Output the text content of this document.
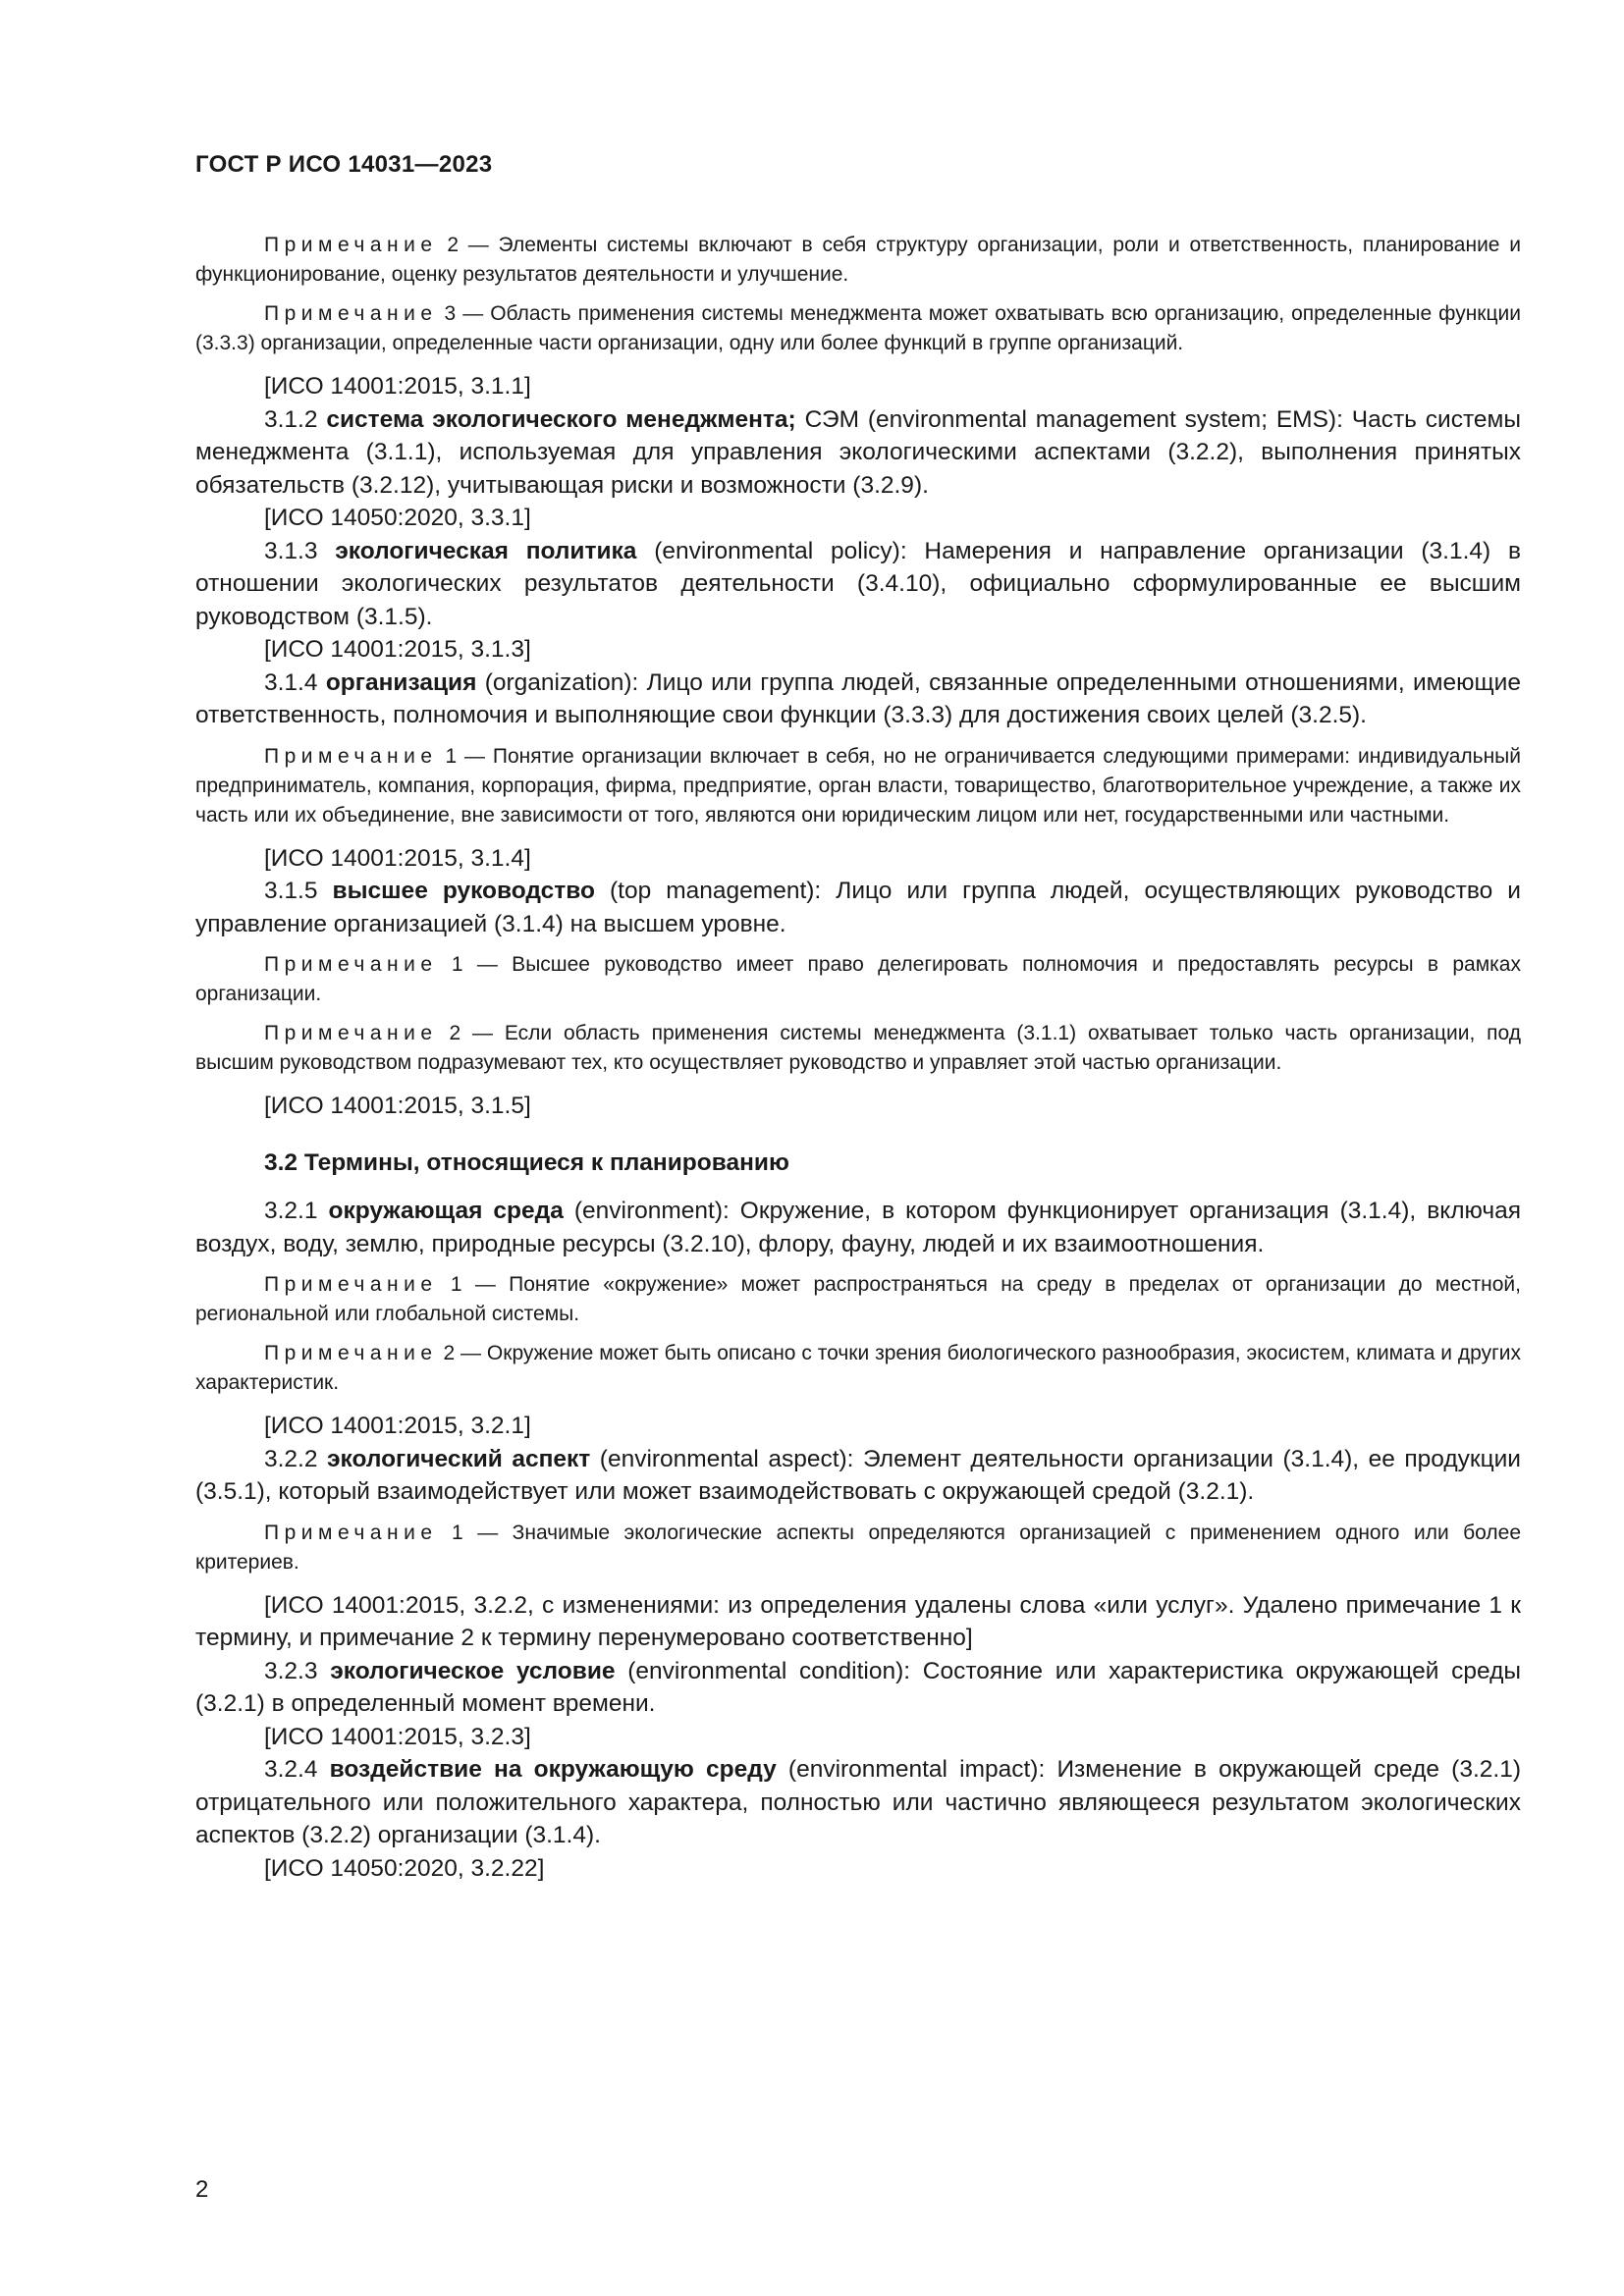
ГОСТ Р ИСО 14031—2023

Примечание 2 — Элементы системы включают в себя структуру организации, роли и ответственность, планирование и функционирование, оценку результатов деятельности и улучшение.

Примечание 3 — Область применения системы менеджмента может охватывать всю организацию, определенные функции (3.3.3) организации, определенные части организации, одну или более функций в группе организаций.

[ИСО 14001:2015, 3.1.1]

3.1.2 система экологического менеджмента; СЭМ (environmental management system; EMS): Часть системы менеджмента (3.1.1), используемая для управления экологическими аспектами (3.2.2), выполнения принятых обязательств (3.2.12), учитывающая риски и возможности (3.2.9).

[ИСО 14050:2020, 3.3.1]

3.1.3 экологическая политика (environmental policy): Намерения и направление организации (3.1.4) в отношении экологических результатов деятельности (3.4.10), официально сформулированные ее высшим руководством (3.1.5).

[ИСО 14001:2015, 3.1.3]

3.1.4 организация (organization): Лицо или группа людей, связанные определенными отношениями, имеющие ответственность, полномочия и выполняющие свои функции (3.3.3) для достижения своих целей (3.2.5).

Примечание 1 — Понятие организации включает в себя, но не ограничивается следующими примерами: индивидуальный предприниматель, компания, корпорация, фирма, предприятие, орган власти, товарищество, благотворительное учреждение, а также их часть или их объединение, вне зависимости от того, являются они юридическим лицом или нет, государственными или частными.

[ИСО 14001:2015, 3.1.4]

3.1.5 высшее руководство (top management): Лицо или группа людей, осуществляющих руководство и управление организацией (3.1.4) на высшем уровне.

Примечание 1 — Высшее руководство имеет право делегировать полномочия и предоставлять ресурсы в рамках организации.

Примечание 2 — Если область применения системы менеджмента (3.1.1) охватывает только часть организации, под высшим руководством подразумевают тех, кто осуществляет руководство и управляет этой частью организации.

[ИСО 14001:2015, 3.1.5]

3.2 Термины, относящиеся к планированию

3.2.1 окружающая среда (environment): Окружение, в котором функционирует организация (3.1.4), включая воздух, воду, землю, природные ресурсы (3.2.10), флору, фауну, людей и их взаимоотношения.

Примечание 1 — Понятие «окружение» может распространяться на среду в пределах от организации до местной, региональной или глобальной системы.

Примечание 2 — Окружение может быть описано с точки зрения биологического разнообразия, экосистем, климата и других характеристик.

[ИСО 14001:2015, 3.2.1]

3.2.2 экологический аспект (environmental aspect): Элемент деятельности организации (3.1.4), ее продукции (3.5.1), который взаимодействует или может взаимодействовать с окружающей средой (3.2.1).

Примечание 1 — Значимые экологические аспекты определяются организацией с применением одного или более критериев.

[ИСО 14001:2015, 3.2.2, с изменениями: из определения удалены слова «или услуг». Удалено примечание 1 к термину, и примечание 2 к термину перенумеровано соответственно]

3.2.3 экологическое условие (environmental condition): Состояние или характеристика окружающей среды (3.2.1) в определенный момент времени.

[ИСО 14001:2015, 3.2.3]

3.2.4 воздействие на окружающую среду (environmental impact): Изменение в окружающей среде (3.2.1) отрицательного или положительного характера, полностью или частично являющееся результатом экологических аспектов (3.2.2) организации (3.1.4).

[ИСО 14050:2020, 3.2.22]

2
